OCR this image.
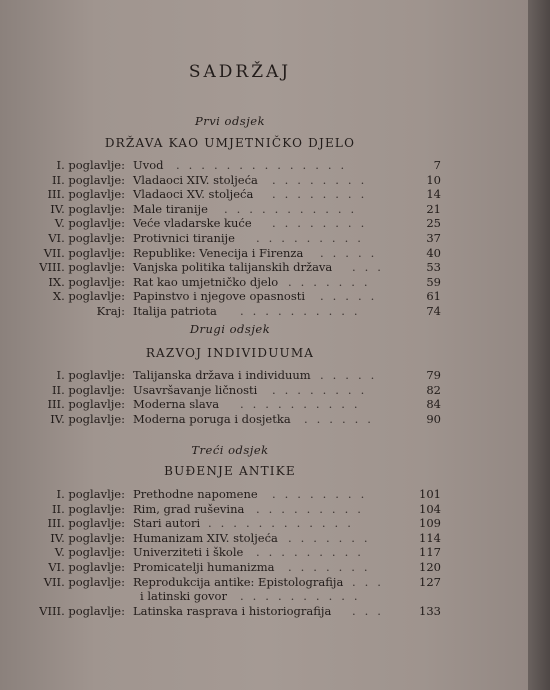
SADRŽAJ
Prvi odsjek
DRŽAVA KAO UMJETNIČKO DJELO
I. poglavlje: Uvod ..............	7
II. poglavlje: Vladaoci XIV. stoljeća ........	10
III. poglavlje: Vladaoci XV. stoljeća ........	14
IV. poglavlje: Male tiranije ...........	21
V. poglavlje: Veće vladarske kuće ........	25
VI. poglavlje: Protivnici tiranije .........	37
VII. poglavlje: Republike: Venecija i Firenza .....	40
VIII. poglavlje: Vanjska politika talijanskih država ...	53
IX. poglavlje: Rat kao umjetničko djelo .......	59
X. poglavlje: Papinstvo i njegove opasnosti .....	61
Kraj: Italija patriota ..........	74
Drugi odsjek
RAZVOJ INDIVIDUUMA
I. poglavlje: Talijanska država i individuum .....	79
II. poglavlje: Usavršavanje ličnosti ........	82
III. poglavlje: Moderna slava ..........	84
IV. poglavlje: Moderna poruga i dosjetka ......	90
Treći odsjek
BUĐENJE ANTIKE
I. poglavlje: Prethodne napomene ........	101
II. poglavlje: Rim, grad ruševina .........	104
III. poglavlje: Stari autori ............	109
IV. poglavlje: Humanizam XIV. stoljeća .......	114
V. poglavlje: Univerziteti i škole .........	117
VI. poglavlje: Promicatelji humanizma .......	120
VII. poglavlje: Reprodukcija antike: Epistolografija ...	127
i latinski govor ..........
VIII. poglavlje: Latinska rasprava i historiografija ...	133
